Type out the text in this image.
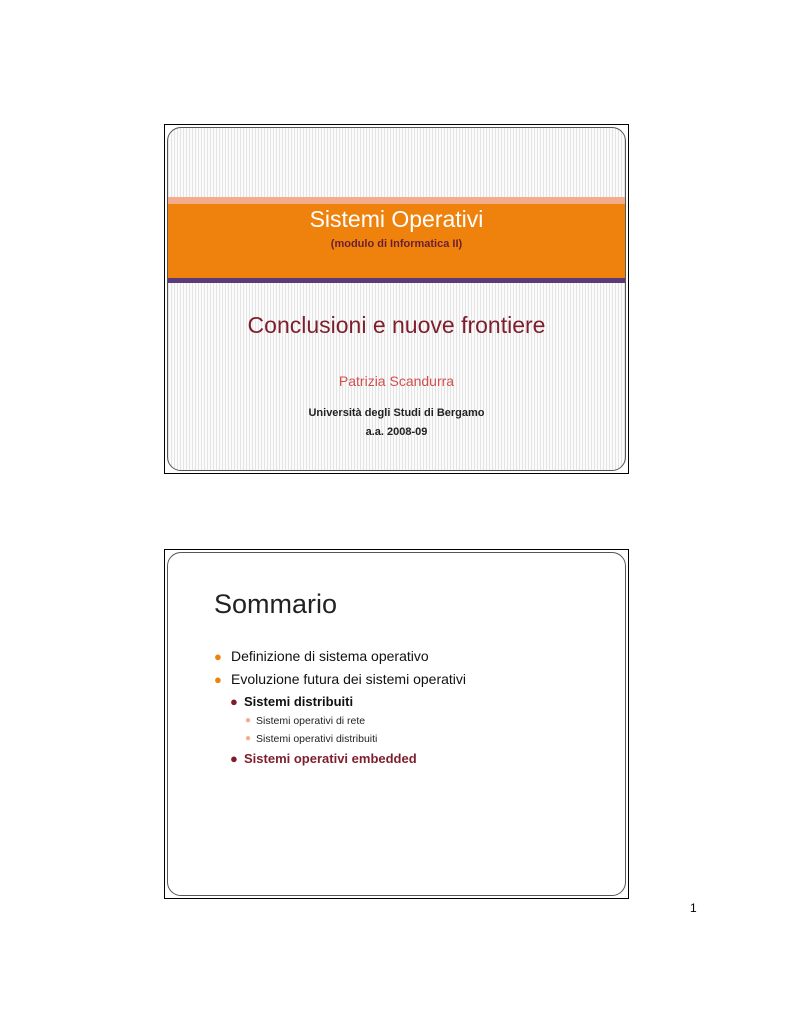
Sistemi Operativi
(modulo di Informatica II)
Conclusioni e nuove frontiere
Patrizia Scandurra
Università degli Studi di Bergamo
a.a. 2008-09
Sommario
● Definizione di sistema operativo
● Evoluzione futura dei sistemi operativi
● Sistemi distribuiti
● Sistemi operativi di rete
● Sistemi operativi distribuiti
● Sistemi operativi embedded
1
